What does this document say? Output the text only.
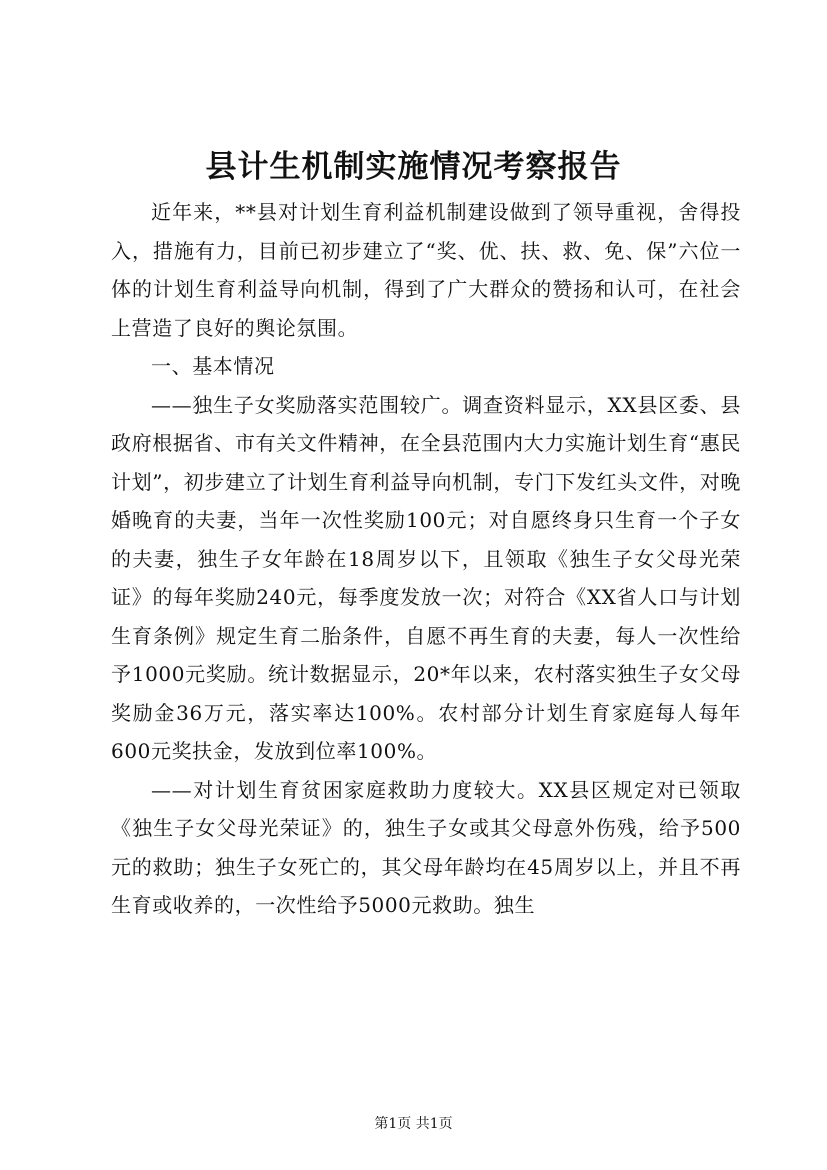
县计生机制实施情况考察报告

近年来，**县对计划生育利益机制建设做到了领导重视，舍得投入，措施有力，目前已初步建立了“奖、优、扶、救、免、保”六位一体的计划生育利益导向机制，得到了广大群众的赞扬和认可，在社会上营造了良好的舆论氛围。

一、基本情况

——独生子女奖励落实范围较广。调查资料显示，XX县区委、县政府根据省、市有关文件精神，在全县范围内大力实施计划生育“惠民计划”，初步建立了计划生育利益导向机制，专门下发红头文件，对晚婚晚育的夫妻，当年一次性奖励100元；对自愿终身只生育一个子女的夫妻，独生子女年龄在18周岁以下，且领取《独生子女父母光荣证》的每年奖励240元，每季度发放一次；对符合《XX省人口与计划生育条例》规定生育二胎条件，自愿不再生育的夫妻，每人一次性给予1000元奖励。统计数据显示，20*年以来，农村落实独生子女父母奖励金36万元，落实率达100%。农村部分计划生育家庭每人每年600元奖扶金，发放到位率100%。

——对计划生育贫困家庭救助力度较大。XX县区规定对已领取《独生子女父母光荣证》的，独生子女或其父母意外伤残，给予500元的救助；独生子女死亡的，其父母年龄均在45周岁以上，并且不再生育或收养的，一次性给予5000元救助。独生

第1页 共1页
